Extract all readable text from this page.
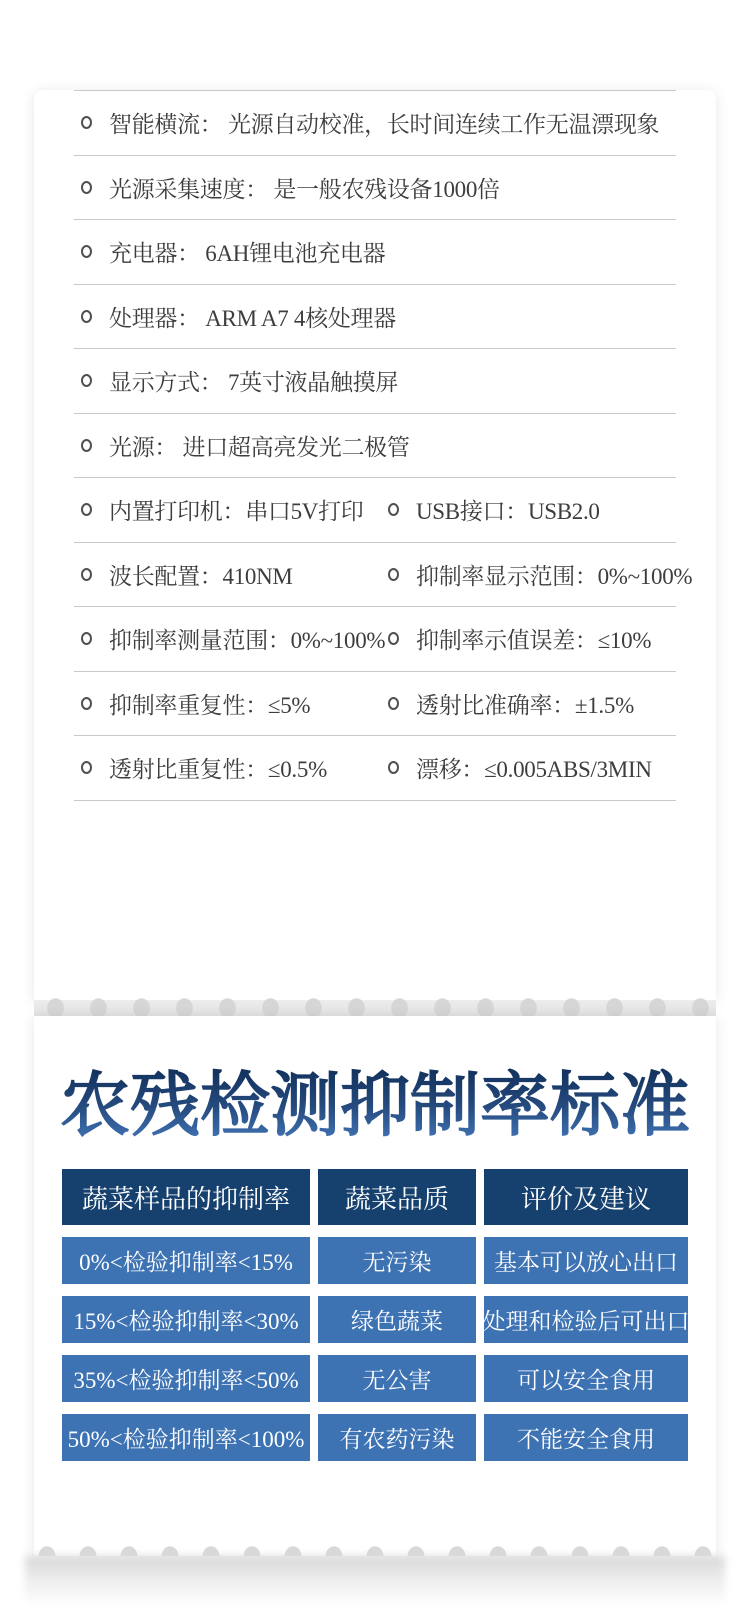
智能横流： 光源自动校准，长时间连续工作无温漂现象
光源采集速度： 是一般农残设备1000倍
充电器： 6AH锂电池充电器
处理器： ARM A7 4核处理器
显示方式： 7英寸液晶触摸屏
光源： 进口超高亮发光二极管
内置打印机：串口5V打印 USB接口：USB2.0
波长配置：410NM	抑制率显示范围：0%~100%
抑制率测量范围：0%~100% 抑制率示值误差：≤10%
抑制率重复性：≤5%	透射比准确率：±1.5%
透射比重复性：≤0.5%	漂移：≤0.005ABS/3MIN
农残检测抑制率标准
蔬菜样品的抑制率	蔬菜品质	评价及建议
0%<检验抑制率<15%	无污染	基本可以放心出口
15%<检验抑制率<30%	绿色蔬菜	处理和检验后可出口
35%<检验抑制率<50%	无公害	可以安全食用
50%<检验抑制率<100%	有农药污染	不能安全食用
